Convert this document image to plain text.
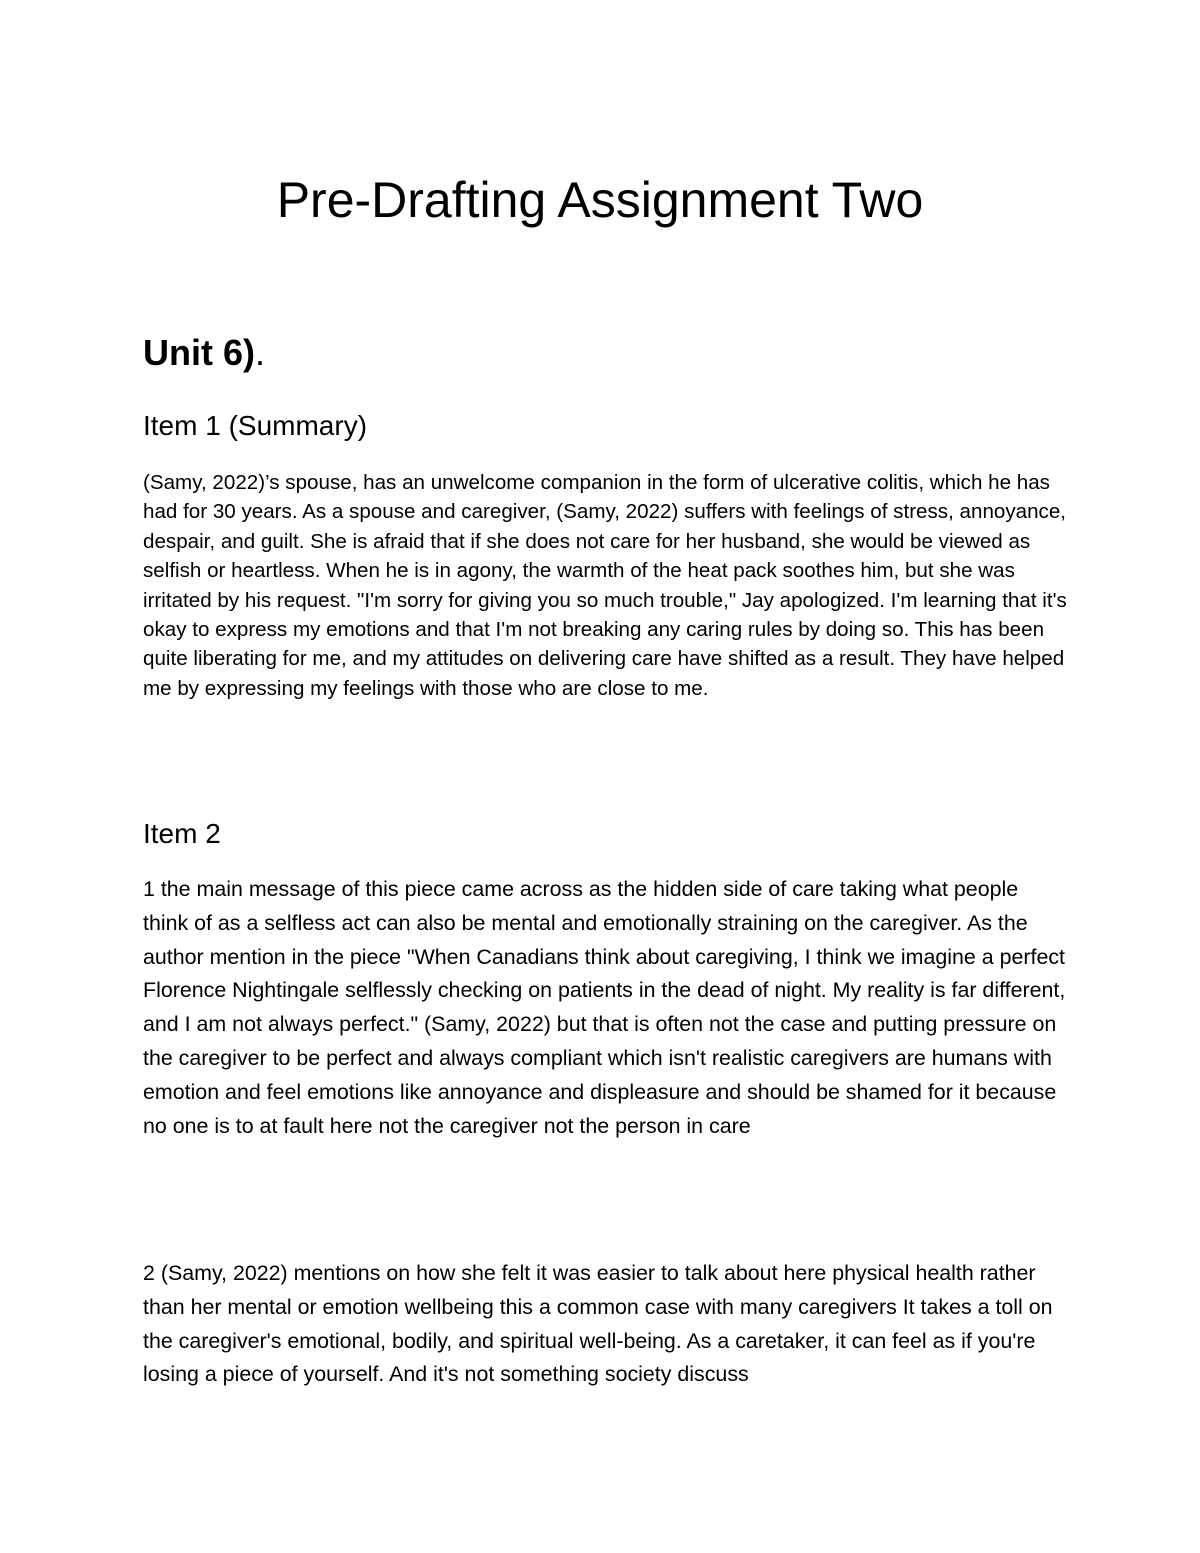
Pre-Drafting Assignment Two
Unit 6).
Item 1 (Summary)

(Samy, 2022)’s spouse, has an unwelcome companion in the form of ulcerative colitis, which he has had for 30 years. As a spouse and caregiver, (Samy, 2022) suffers with feelings of stress, annoyance, despair, and guilt. She is afraid that if she does not care for her husband, she would be viewed as selfish or heartless. When he is in agony, the warmth of the heat pack soothes him, but she was irritated by his request. "I'm sorry for giving you so much trouble," Jay apologized. I'm learning that it's okay to express my emotions and that I'm not breaking any caring rules by doing so. This has been quite liberating for me, and my attitudes on delivering care have shifted as a result. They have helped me by expressing my feelings with those who are close to me.

Item 2

1 the main message of this piece came across as the hidden side of care taking what people think of as a selfless act can also be mental and emotionally straining on the caregiver. As the author mention in the piece "When Canadians think about caregiving, I think we imagine a perfect Florence Nightingale selflessly checking on patients in the dead of night. My reality is far different, and I am not always perfect." (Samy, 2022) but that is often not the case and putting pressure on the caregiver to be perfect and always compliant which isn't realistic caregivers are humans with emotion and feel emotions like annoyance and displeasure and should be shamed for it because no one is to at fault here not the caregiver not the person in care

2 (Samy, 2022) mentions on how she felt it was easier to talk about here physical health rather than her mental or emotion wellbeing this a common case with many caregivers It takes a toll on the caregiver's emotional, bodily, and spiritual well-being. As a caretaker, it can feel as if you're losing a piece of yourself. And it's not something society discuss
